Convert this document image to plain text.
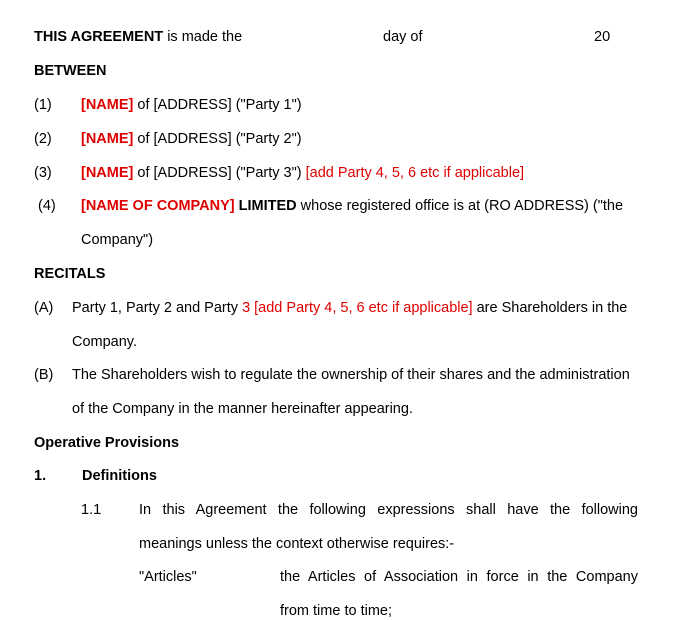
THIS AGREEMENT is made the	day of	20
BETWEEN
(1) [NAME] of [ADDRESS] ("Party 1")
(2) [NAME] of [ADDRESS] ("Party 2")
(3) [NAME] of [ADDRESS] ("Party 3") [add Party 4, 5, 6 etc if applicable]
(4) [NAME OF COMPANY] LIMITED whose registered office is at (RO ADDRESS) ("the
Company")
RECITALS
(A) Party 1, Party 2 and Party 3 [add Party 4, 5, 6 etc if applicable] are Shareholders in the
Company.
(B) The Shareholders wish to regulate the ownership of their shares and the administration
of the Company in the manner hereinafter appearing.
Operative Provisions
1. Definitions
1.1	In this Agreement the following expressions shall have the following
meanings unless the context otherwise requires:-
"Articles"	the Articles of Association in force in the Company
from time to time;
